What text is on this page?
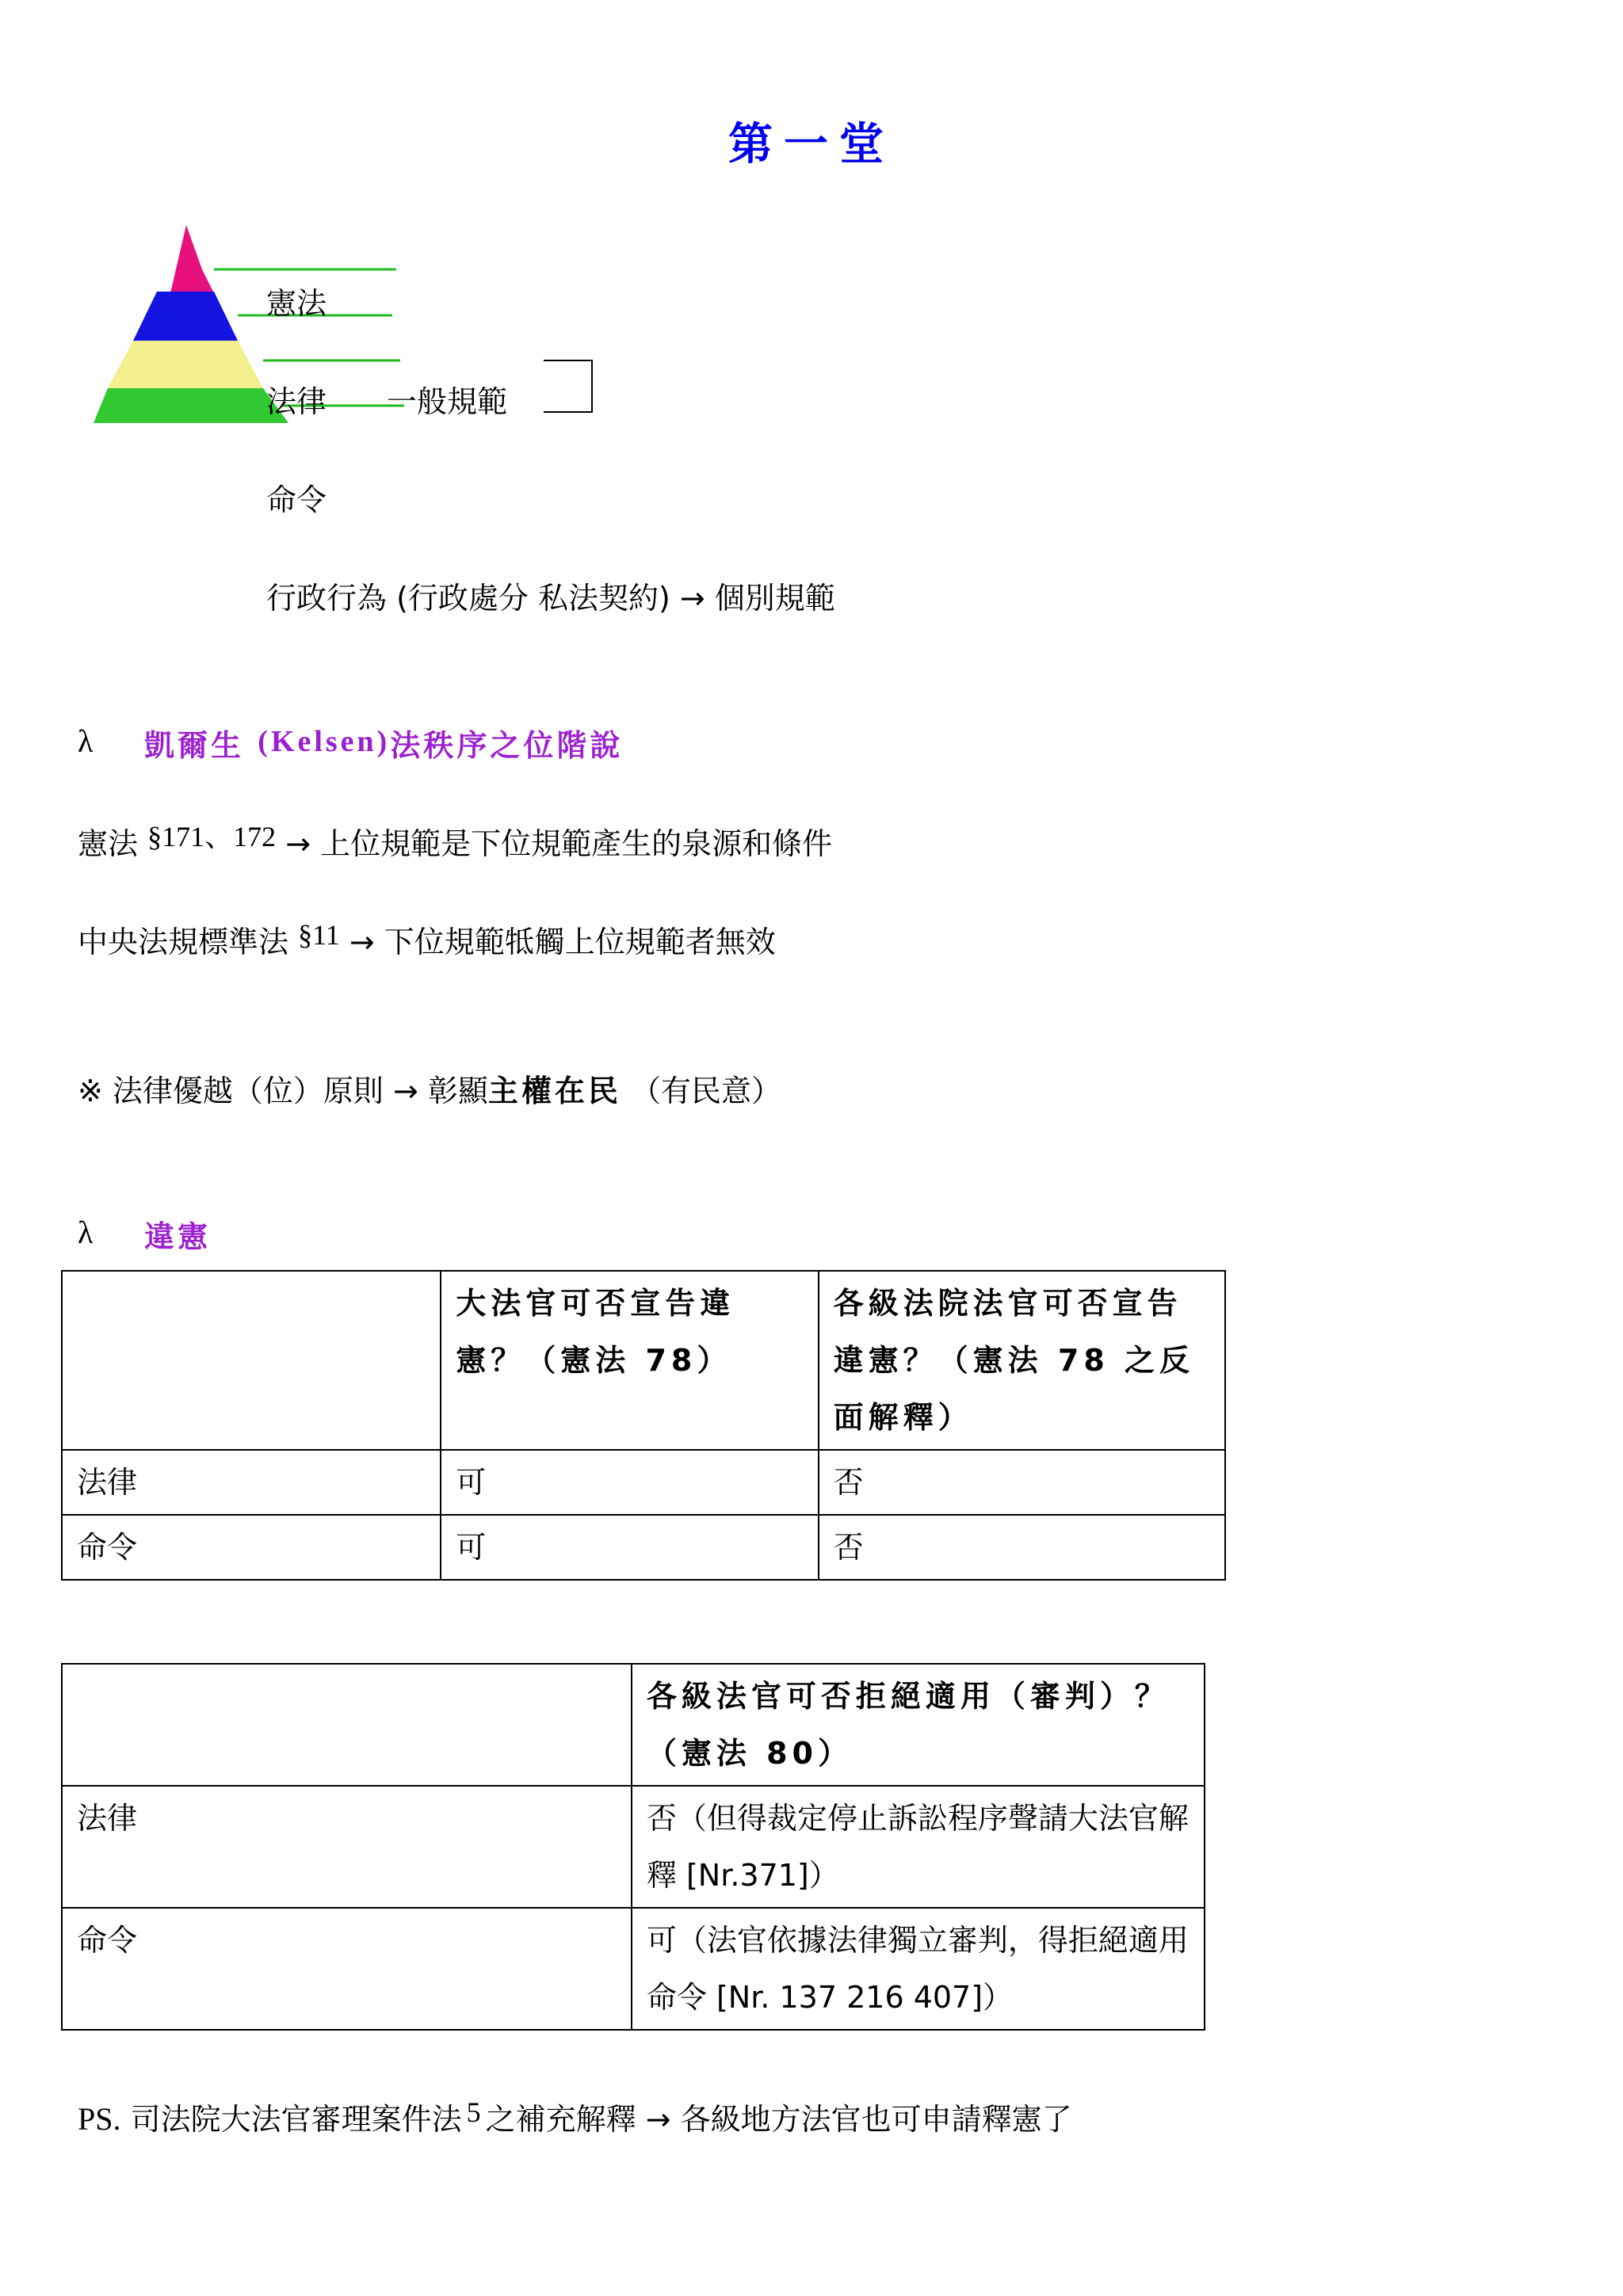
第一堂
憲法
法律 一般規範
命令
行政行為 (行政處分 私法契約) → 個別規範
λ 凱爾生 (Kelsen)法秩序之位階說
憲法 §171、172 → 上位規範是下位規範產生的泉源和條件
中央法規標準法 §11 → 下位規範牴觸上位規範者無效
※ 法律優越（位）原則 → 彰顯主權在民 （有民意）
λ 違憲
	大法官可否宣告違憲？（憲法 78）	各級法院法官可否宣告違憲？（憲法 78 之反面解釋）
法律	可	否
命令	可	否
	各級法官可否拒絕適用（審判）？（憲法 80）
法律	否（但得裁定停止訴訟程序聲請大法官解釋 [Nr.371]）
命令	可（法官依據法律獨立審判，得拒絕適用命令 [Nr. 137 216 407]）
PS. 司法院大法官審理案件法 5 之補充解釋 → 各級地方法官也可申請釋憲了
